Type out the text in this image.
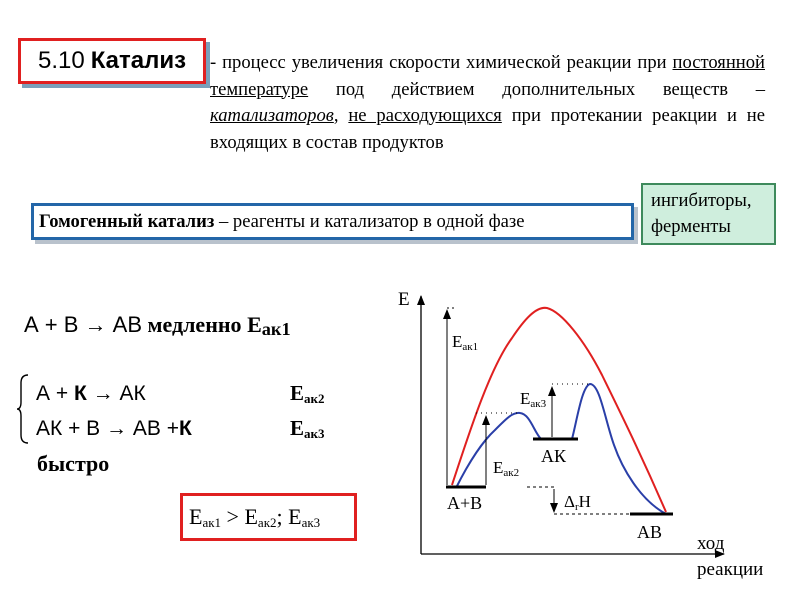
5.10 Катализ - процесс увеличения скорости химической реакции при постоянной температуре под действием дополнительных веществ – катализаторов, не расходующихся при протекании реакции и не входящих в состав продуктов
Гомогенный катализ – реагенты и катализатор в одной фазе
ингибиторы,
ферменты
А + В → АВ медленно $Е_{ак1}$
А + К → АК	$Е_{ак2}$
АК + В → АВ +К	$Е_{ак3}$
быстро
$Е_{ак1} > Е_{ак2}$; $Е_{ак3}$
Е
ход
реакции
Еак1
Еак2
Еак3
ΔrН
АК
А+В
АВ
